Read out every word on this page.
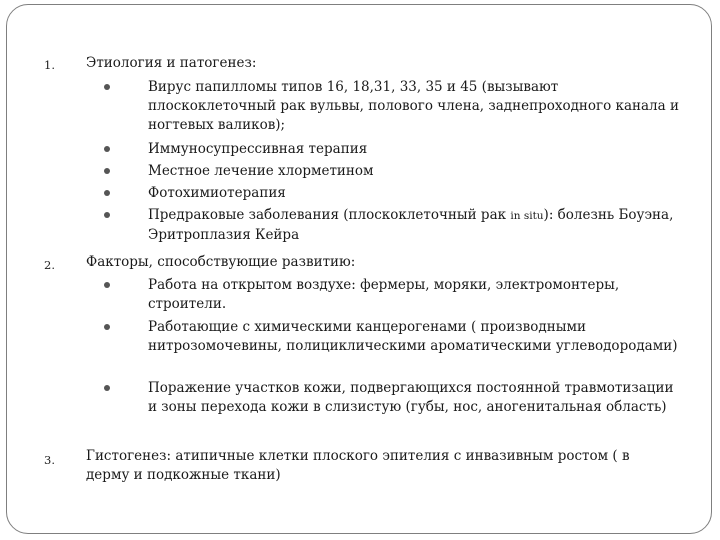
1. Этиология и патогенез:
Вирус папилломы типов 16, 18,31, 33, 35 и 45 (вызывают плоскоклеточный рак вульвы, полового члена, заднепроходного канала и ногтевых валиков);
Иммуносупрессивная терапия
Местное лечение хлорметином
Фотохимиотерапия
Предраковые заболевания (плоскоклеточный рак in situ): болезнь Боуэна, Эритроплазия Кейра
2. Факторы, способствующие развитию:
Работа на открытом воздухе: фермеры, моряки, электромонтеры, строители.
Работающие с химическими канцерогенами ( производными нитрозомочевины, полициклическими ароматическими углеводородами)
Поражение участков кожи, подвергающихся постоянной травмотизации и зоны перехода кожи в слизистую (губы, нос, аногенитальная область)
3. Гистогенез: атипичные клетки плоского эпителия с инвазивным ростом ( в дерму и подкожные ткани)
